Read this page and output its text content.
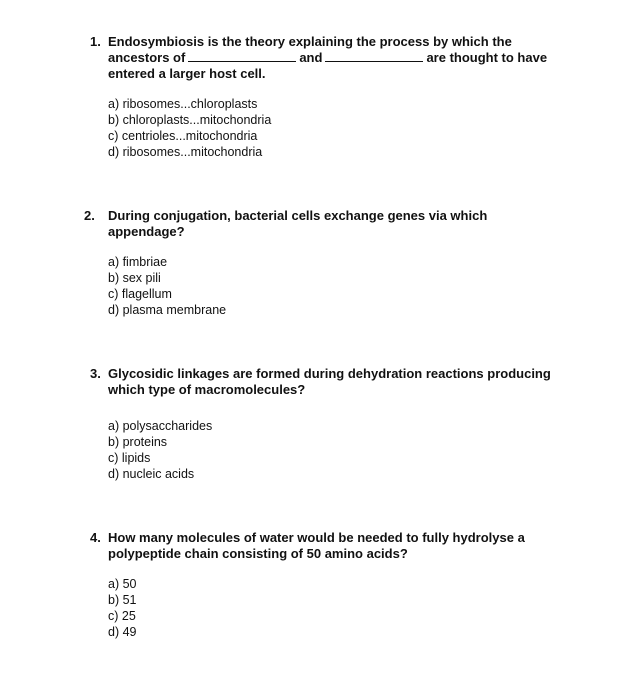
1. Endosymbiosis is the theory explaining the process by which the
ancestors of	and	are thought to have
entered a larger host cell.
a) ribosomes...chloroplasts
b) chloroplasts...mitochondria
c) centrioles...mitochondria
d) ribosomes...mitochondria
2. During conjugation, bacterial cells exchange genes via which
appendage?
a) fimbriae
b) sex pili
c) flagellum
d) plasma membrane
3. Glycosidic linkages are formed during dehydration reactions producing
which type of macromolecules?
a) polysaccharides
b) proteins
c) lipids
d) nucleic acids
4. How many molecules of water would be needed to fully hydrolyse a
polypeptide chain consisting of 50 amino acids?
a) 50
b) 51
c) 25
d) 49
